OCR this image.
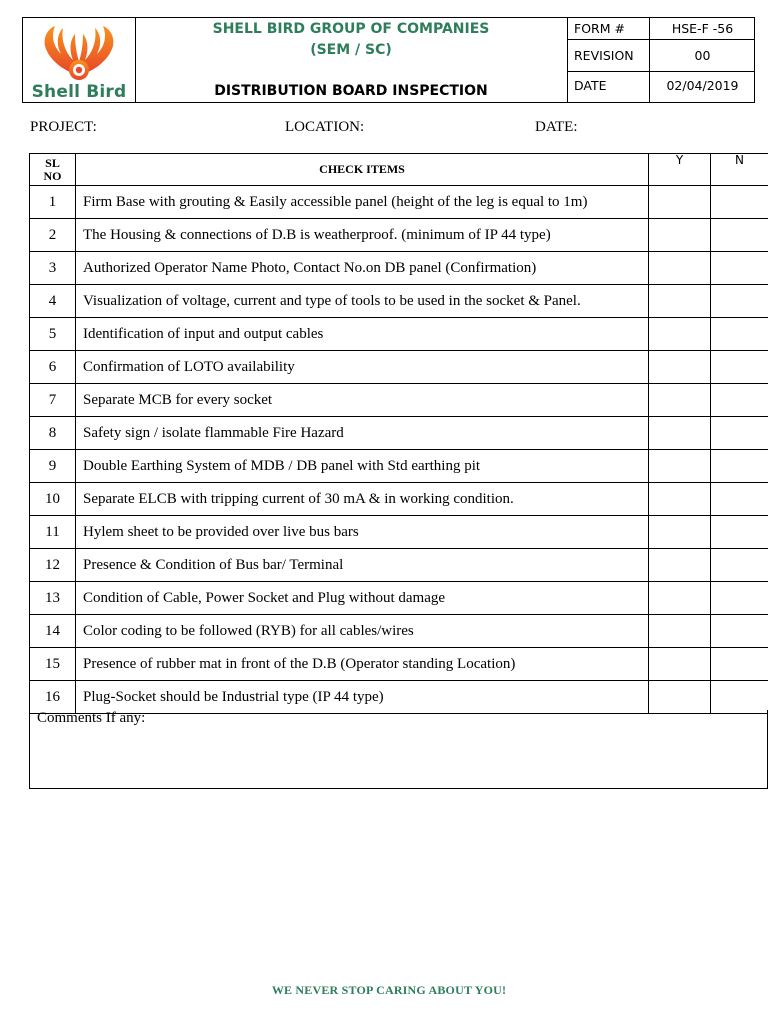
Shell Bird
SHELL BIRD GROUP OF COMPANIES
(SEM / SC)
DISTRIBUTION BOARD INSPECTION
FORM #	HSE-F -56
REVISION	00
DATE	02/04/2019
PROJECT:	LOCATION:	DATE:
SL
NO	CHECK ITEMS	Y	N
1	Firm Base with grouting & Easily accessible panel (height of the leg is equal to 1m)		
2	The Housing & connections of D.B is weatherproof. (minimum of IP 44 type)		
3	Authorized Operator Name Photo, Contact No.on DB panel (Confirmation)		
4	Visualization of voltage, current and type of tools to be used in the socket & Panel.		
5	Identification of input and output cables		
6	Confirmation of LOTO availability		
7	Separate MCB for every socket		
8	Safety sign / isolate flammable Fire Hazard		
9	Double Earthing System of MDB / DB panel with Std earthing pit		
10	Separate ELCB with tripping current of 30 mA & in working condition.		
11	Hylem sheet to be provided over live bus bars		
12	Presence & Condition of Bus bar/ Terminal		
13	Condition of Cable, Power Socket and Plug without damage		
14	Color coding to be followed (RYB) for all cables/wires		
15	Presence of rubber mat in front of the D.B (Operator standing Location)		
16	Plug-Socket should be Industrial type (IP 44 type)		
Comments If any:
WE NEVER STOP CARING ABOUT YOU!
